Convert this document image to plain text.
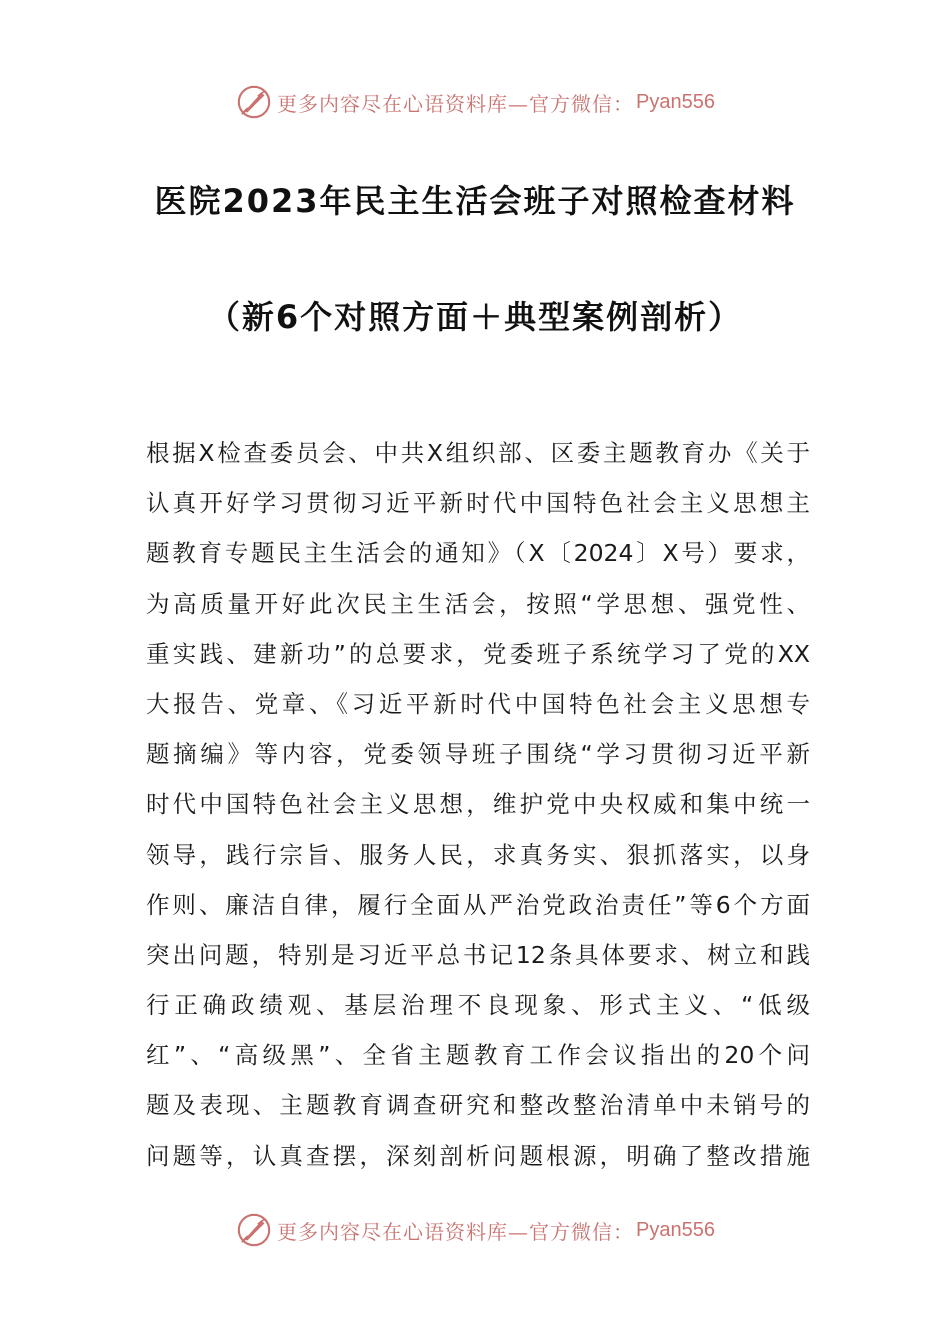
更多内容尽在心语资料库—官方微信： Pyan556
医院2023年民主生活会班子对照检查材料
（新6个对照方面＋典型案例剖析）
根据X检查委员会、中共X组织部、区委主题教育办《关于
认真开好学习贯彻习近平新时代中国特色社会主义思想主
题教育专题民主生活会的通知》（X〔2024〕X号）要求，
为高质量开好此次民主生活会，按照“学思想、强党性、
重实践、建新功”的总要求，党委班子系统学习了党的XX
大报告、党章、《习近平新时代中国特色社会主义思想专
题摘编》等内容，党委领导班子围绕“学习贯彻习近平新
时代中国特色社会主义思想，维护党中央权威和集中统一
领导，践行宗旨、服务人民，求真务实、狠抓落实，以身
作则、廉洁自律，履行全面从严治党政治责任”等6个方面
突出问题，特别是习近平总书记12条具体要求、树立和践
行正确政绩观、基层治理不良现象、形式主义、“低级
红”、“高级黑”、全省主题教育工作会议指出的20个问
题及表现、主题教育调查研究和整改整治清单中未销号的
问题等，认真查摆，深刻剖析问题根源，明确了整改措施
更多内容尽在心语资料库—官方微信： Pyan556
